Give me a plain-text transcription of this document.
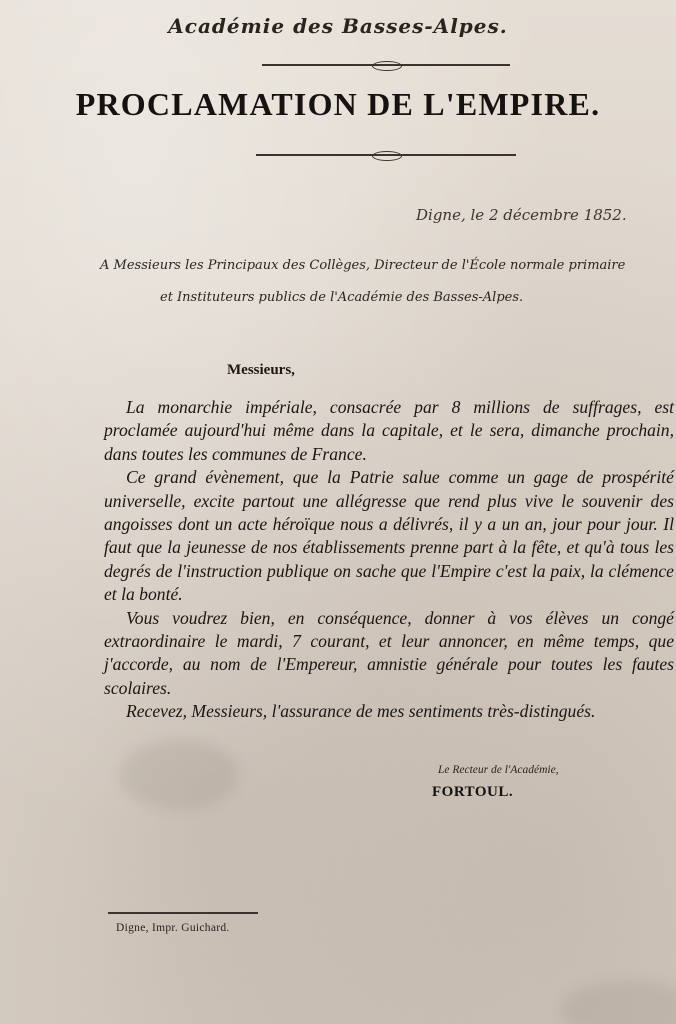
Académie des Basses-Alpes.
PROCLAMATION DE L'EMPIRE.
Digne, le 2 décembre 1852.
A Messieurs les Principaux des Collèges, Directeur de l'École normale primaire
et Instituteurs publics de l'Académie des Basses-Alpes.
Messieurs,

La monarchie impériale, consacrée par 8 millions de suffrages, est proclamée aujourd'hui même dans la capitale, et le sera, dimanche prochain, dans toutes les communes de France.

Ce grand évènement, que la Patrie salue comme un gage de prospérité universelle, excite partout une allégresse que rend plus vive le souvenir des angoisses dont un acte héroïque nous a délivrés, il y a un an, jour pour jour. Il faut que la jeunesse de nos établissements prenne part à la fête, et qu'à tous les degrés de l'instruction publique on sache que l'Empire c'est la paix, la clémence et la bonté.

Vous voudrez bien, en conséquence, donner à vos élèves un congé extraordinaire le mardi, 7 courant, et leur annoncer, en même temps, que j'accorde, au nom de l'Empereur, amnistie générale pour toutes les fautes scolaires.

Recevez, Messieurs, l'assurance de mes sentiments très-distingués.

Le Recteur de l'Académie,
FORTOUL.
Digne, Impr. Guichard.
